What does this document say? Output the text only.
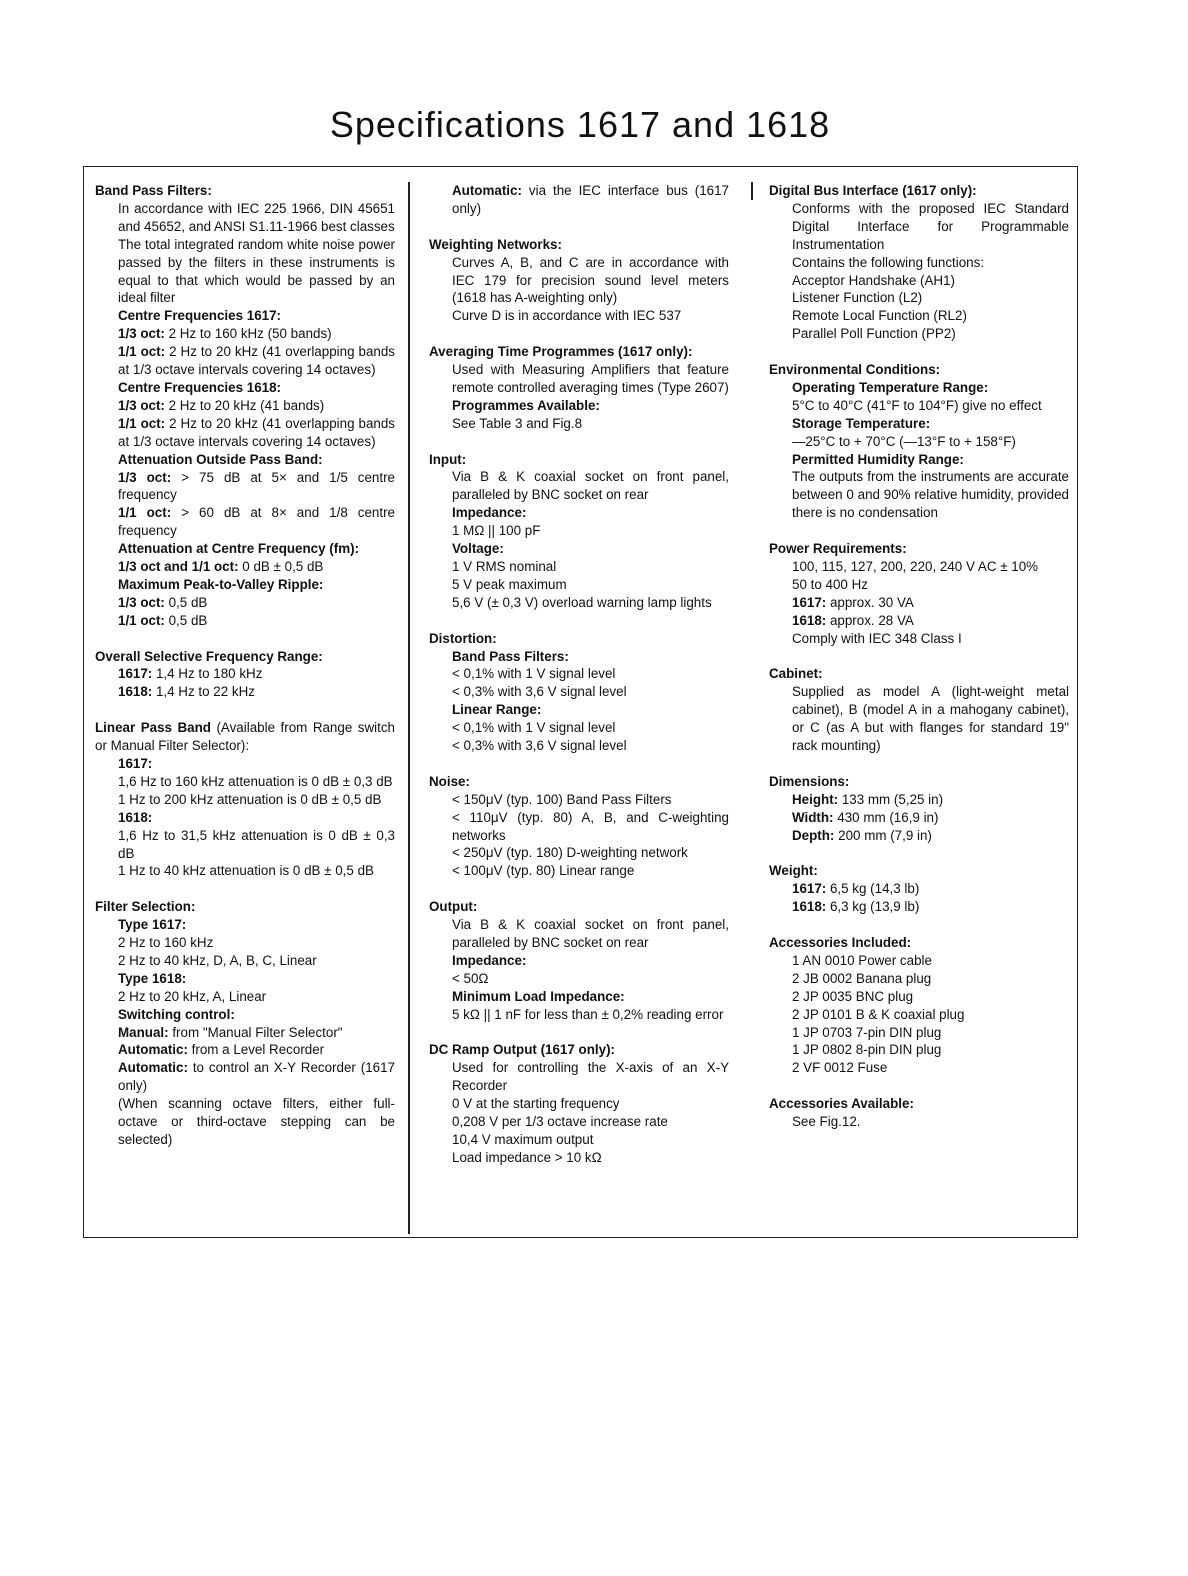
Specifications 1617 and 1618
Band Pass Filters:
In accordance with IEC 225 1966, DIN 45651 and 45652, and ANSI S1.11-1966 best classes
The total integrated random white noise power passed by the filters in these instruments is equal to that which would be passed by an ideal filter
Centre Frequencies 1617:
1/3 oct: 2 Hz to 160 kHz (50 bands)
1/1 oct: 2 Hz to 20 kHz (41 overlapping bands at 1/3 octave intervals covering 14 octaves)
Centre Frequencies 1618:
1/3 oct: 2 Hz to 20 kHz (41 bands)
1/1 oct: 2 Hz to 20 kHz (41 overlapping bands at 1/3 octave intervals covering 14 octaves)
Attenuation Outside Pass Band:
1/3 oct: > 75 dB at 5× and 1/5 centre frequency
1/1 oct: > 60 dB at 8× and 1/8 centre frequency
Attenuation at Centre Frequency (fm):
1/3 oct and 1/1 oct: 0 dB ± 0,5 dB
Maximum Peak-to-Valley Ripple:
1/3 oct: 0,5 dB
1/1 oct: 0,5 dB
Overall Selective Frequency Range:
1617: 1,4 Hz to 180 kHz
1618: 1,4 Hz to 22 kHz
Linear Pass Band (Available from Range switch or Manual Filter Selector):
1617:
1,6 Hz to 160 kHz attenuation is 0 dB ± 0,3 dB
1 Hz to 200 kHz attenuation is 0 dB ± 0,5 dB
1618:
1,6 Hz to 31,5 kHz attenuation is 0 dB ± 0,3 dB
1 Hz to 40 kHz attenuation is 0 dB ± 0,5 dB
Filter Selection:
Type 1617:
2 Hz to 160 kHz
2 Hz to 40 kHz, D, A, B, C, Linear
Type 1618:
2 Hz to 20 kHz, A, Linear
Switching control:
Manual: from "Manual Filter Selector"
Automatic: from a Level Recorder
Automatic: to control an X-Y Recorder (1617 only)
(When scanning octave filters, either full-octave or third-octave stepping can be selected)
Automatic: via the IEC interface bus (1617 only)
Weighting Networks:
Curves A, B, and C are in accordance with IEC 179 for precision sound level meters (1618 has A-weighting only)
Curve D is in accordance with IEC 537
Averaging Time Programmes (1617 only):
Used with Measuring Amplifiers that feature remote controlled averaging times (Type 2607)
Programmes Available:
See Table 3 and Fig.8
Input:
Via B & K coaxial socket on front panel, paralleled by BNC socket on rear
Impedance:
1 MΩ || 100 pF
Voltage:
1 V RMS nominal
5 V peak maximum
5,6 V (± 0,3 V) overload warning lamp lights
Distortion:
Band Pass Filters:
< 0,1% with 1 V signal level
< 0,3% with 3,6 V signal level
Linear Range:
< 0,1% with 1 V signal level
< 0,3% with 3,6 V signal level
Noise:
< 150μV (typ. 100) Band Pass Filters
< 110μV (typ. 80) A, B, and C-weighting networks
< 250μV (typ. 180) D-weighting network
< 100μV (typ. 80) Linear range
Output:
Via B & K coaxial socket on front panel, paralleled by BNC socket on rear
Impedance:
< 50Ω
Minimum Load Impedance:
5 kΩ || 1 nF for less than ± 0,2% reading error
DC Ramp Output (1617 only):
Used for controlling the X-axis of an X-Y Recorder
0 V at the starting frequency
0,208 V per 1/3 octave increase rate
10,4 V maximum output
Load impedance > 10 kΩ
Digital Bus Interface (1617 only):
Conforms with the proposed IEC Standard Digital Interface for Programmable Instrumentation
Contains the following functions:
Acceptor Handshake (AH1)
Listener Function (L2)
Remote Local Function (RL2)
Parallel Poll Function (PP2)
Environmental Conditions:
Operating Temperature Range:
5°C to 40°C (41°F to 104°F) give no effect
Storage Temperature:
—25°C to + 70°C (—13°F to + 158°F)
Permitted Humidity Range:
The outputs from the instruments are accurate between 0 and 90% relative humidity, provided there is no condensation
Power Requirements:
100, 115, 127, 200, 220, 240 V AC ± 10%
50 to 400 Hz
1617: approx. 30 VA
1618: approx. 28 VA
Comply with IEC 348 Class I
Cabinet:
Supplied as model A (light-weight metal cabinet), B (model A in a mahogany cabinet), or C (as A but with flanges for standard 19" rack mounting)
Dimensions:
Height: 133 mm (5,25 in)
Width: 430 mm (16,9 in)
Depth: 200 mm (7,9 in)
Weight:
1617: 6,5 kg (14,3 lb)
1618: 6,3 kg (13,9 lb)
Accessories Included:
1 AN 0010 Power cable
2 JB 0002 Banana plug
2 JP 0035 BNC plug
2 JP 0101 B & K coaxial plug
1 JP 0703 7-pin DIN plug
1 JP 0802 8-pin DIN plug
2 VF 0012 Fuse
Accessories Available:
See Fig.12.
